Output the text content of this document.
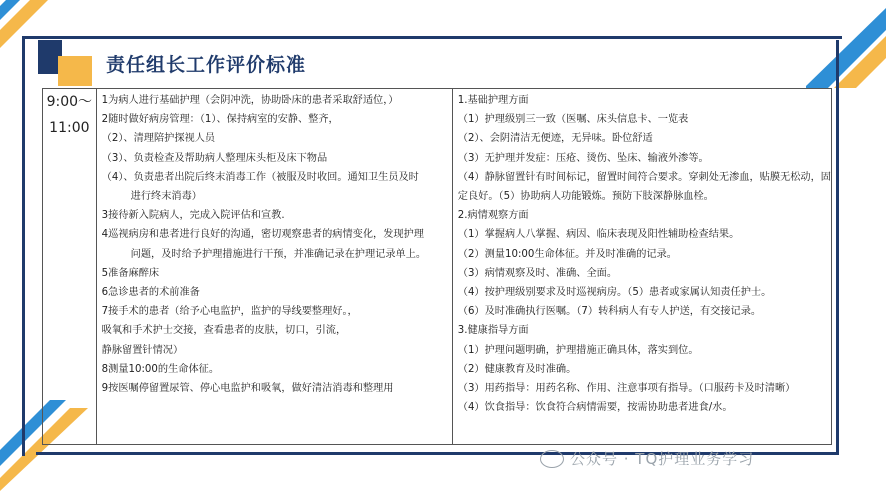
责任组长工作评价标准
9:00～
11:00

1为病人进行基础护理（会阴冲洗，协助卧床的患者采取舒适位，）
2随时做好病房管理：（1）、保持病室的安静、整齐，
（2）、清理陪护探视人员
（3）、负责检查及帮助病人整理床头柜及床下物品
（4）、负责患者出院后终末消毒工作（被服及时收回。通知卫生员及时
进行终末消毒）
3接待新入院病人，完成入院评估和宣教.
4巡视病房和患者进行良好的沟通，密切观察患者的病情变化，发现护理
问题，及时给予护理措施进行干预，并准确记录在护理记录单上。
5准备麻醉床
6急诊患者的术前准备
7接手术的患者（给予心电监护，监护的导线要整理好。，
吸氧和手术护士交接，查看患者的皮肤，切口，引流，
静脉留置针情况）
8测量10:00的生命体征。
9按医嘱停留置尿管、停心电监护和吸氧，做好清洁消毒和整理用

1.基础护理方面
（1）护理级别三一致（医嘱、床头信息卡、一览表
（2）、会阴清洁无便迹，无异味。卧位舒适
（3）无护理并发症：压疮、烫伤、坠床、输液外渗等。
（4）静脉留置针有时间标记，留置时间符合要求。穿刺处无渗血，贴膜无松动，固
定良好。（5）协助病人功能锻炼。预防下肢深静脉血栓。
2.病情观察方面
（1）掌握病人八掌握、病因、临床表现及阳性辅助检查结果。
（2）测量10:00生命体征。并及时准确的记录。
（3）病情观察及时、准确、全面。
（4）按护理级别要求及时巡视病房。（5）患者或家属认知责任护士。
（6）及时准确执行医嘱。（7）转科病人有专人护送，有交接记录。
3.健康指导方面
（1）护理问题明确，护理措施正确具体，落实到位。
（2）健康教育及时准确。
（3）用药指导：用药名称、作用、注意事项有指导。（口服药卡及时清晰）
（4）饮食指导：饮食符合病情需要，按需协助患者进食/水。
公众号 · TQ护理业务学习
